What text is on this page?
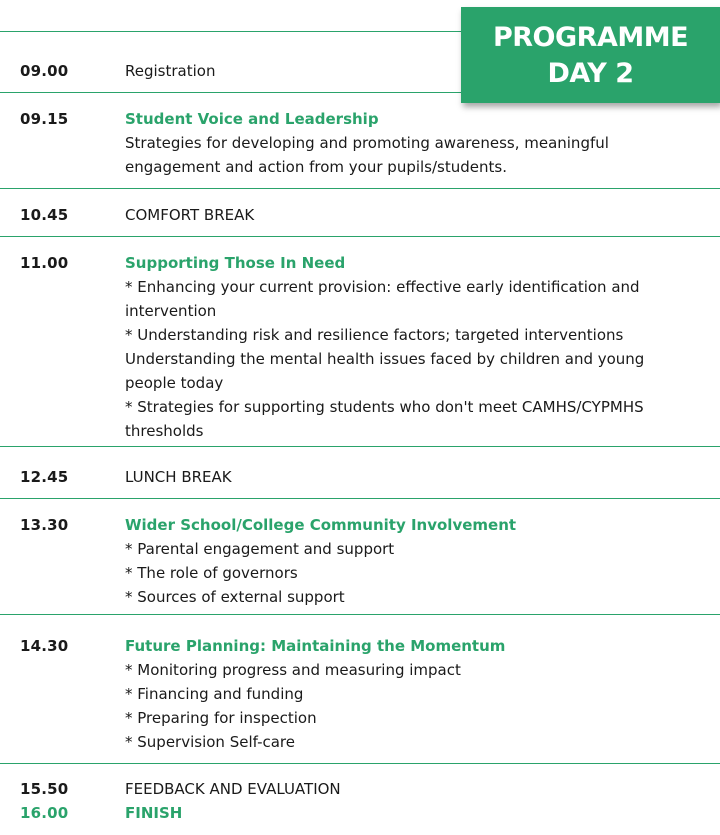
PROGRAMME
DAY 2
09.00	Registration
09.15	Student Voice and Leadership
Strategies for developing and promoting awareness, meaningful
engagement and action from your pupils/students.
10.45	COMFORT BREAK
11.00	Supporting Those In Need
* Enhancing your current provision: effective early identification and
intervention
* Understanding risk and resilience factors; targeted interventions
Understanding the mental health issues faced by children and young
people today
* Strategies for supporting students who don't meet CAMHS/CYPMHS
thresholds
12.45	LUNCH BREAK
13.30	Wider School/College Community Involvement
* Parental engagement and support
* The role of governors
* Sources of external support
14.30	Future Planning: Maintaining the Momentum
* Monitoring progress and measuring impact
* Financing and funding
* Preparing for inspection
* Supervision Self-care
15.50	FEEDBACK AND EVALUATION
16.00	FINISH
